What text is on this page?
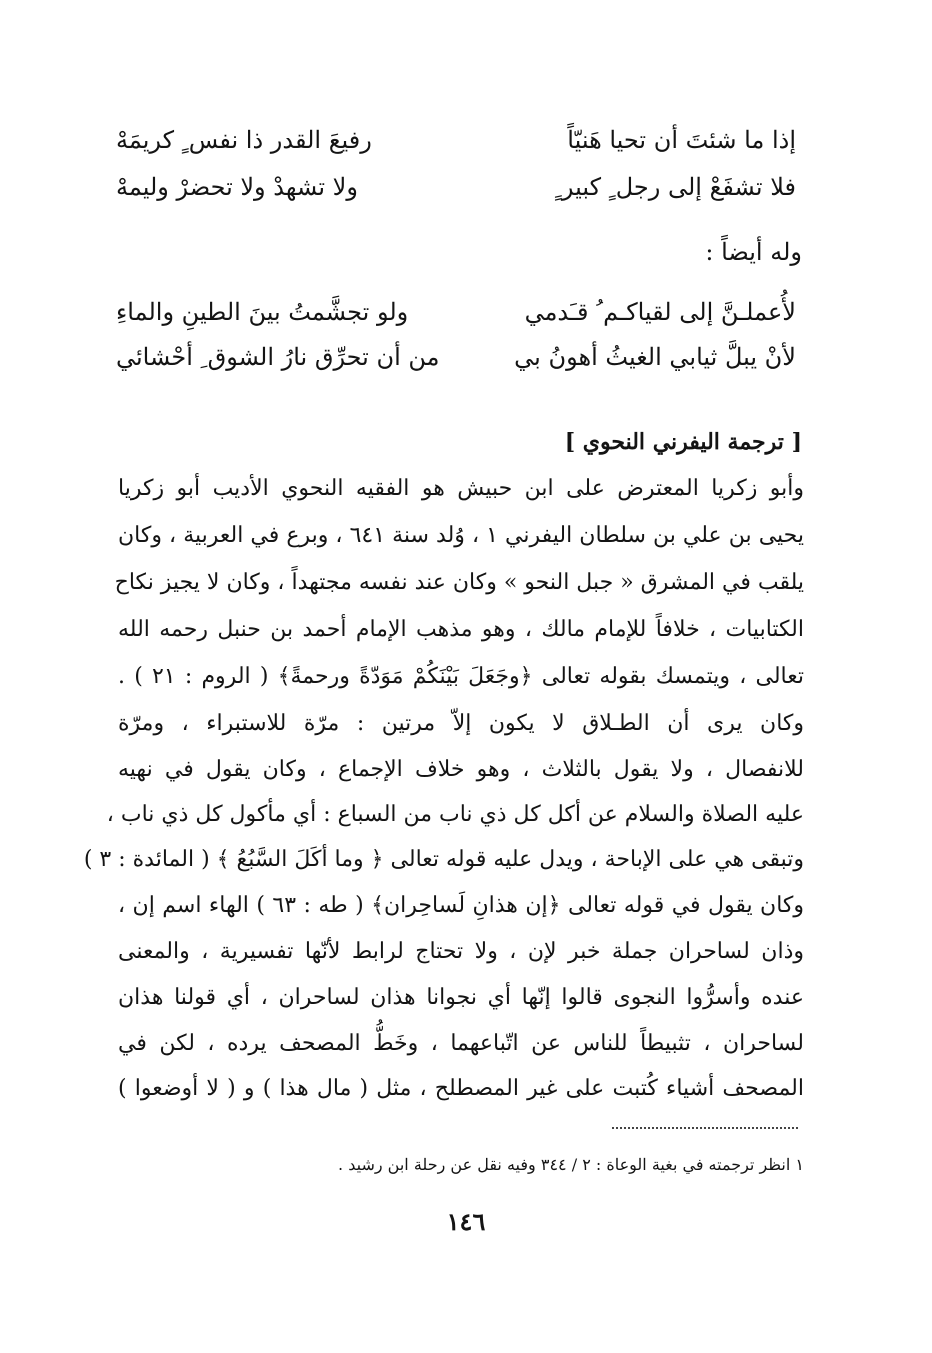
إذا ما شئتَ أن تحيا هَنيّاً
رفيعَ القدر ذا نفس ٍ كريمَهْ
فلا تشفَعْ إلى رجل ٍ كبير ٍ
ولا تشهدْ ولا تحضرْ وليمهْ
وله أيضاً :
لأُعملـنَّ إلى لقياكـم ُ قـَدمي
ولو تجشَّمتُ بينَ الطينِ والماءِ
لأنْ يبلَّ ثيابي الغيثُ أهونُ بي
من أن تحرِّق نارُ الشوق ِ أحْشائي
[ ترجمة اليفرني النحوي ]
وأبو زكريا المعترض على ابن حبيش هو الفقيه النحوي الأديب أبو زكريا
يحيى بن علي بن سلطان اليفرني ١ ، وُلد سنة ٦٤١ ، وبرع في العربية ، وكان
يلقب في المشرق « جبل النحو » وكان عند نفسه مجتهداً ، وكان لا يجيز نكاح
الكتابيات ، خلافاً للإمام مالك ، وهو مذهب الإمام أحمد بن حنبل رحمه الله
تعالى ، ويتمسك بقوله تعالى ﴿وجَعَلَ بَيْنَكُمْ مَوَدّةً ورحمةً﴾ ( الروم : ٢١ ) .
وكان يرى أن الطـلاق لا يكون إلاّ مرتين : مرّة للاستبراء ، ومرّة
للانفصال ، ولا يقول بالثلاث ، وهو خلاف الإجماع ، وكان يقول في نهيه
عليه الصلاة والسلام عن أكل كل ذي ناب من السباع : أي مأكول كل ذي ناب ،
وتبقى هي على الإباحة ، ويدل عليه قوله تعالى ﴿ وما أكَلَ السَّبُعُ ﴾ ( المائدة : ٣ )
وكان يقول في قوله تعالى ﴿إن هذانِ لَساحِران﴾ ( طه : ٦٣ ) الهاء اسم إن ،
وذان لساحران جملة خبر لإن ، ولا تحتاج لرابط لأنّها تفسيرية ، والمعنى
عنده وأسرُّوا النجوى قالوا إنّها أي نجوانا هذان لساحران ، أي قولنا هذان
لساحران ، تثبيطاً للناس عن اتّباعهما ، وخَطُّ المصحف يرده ، لكن في
المصحف أشياء كُتبت على غير المصطلح ، مثل ( مال هذا ) و ( لا أوضعوا )
١ انظر ترجمته في بغية الوعاة : ٢ / ٣٤٤ وفيه نقل عن رحلة ابن رشيد .
١٤٦
